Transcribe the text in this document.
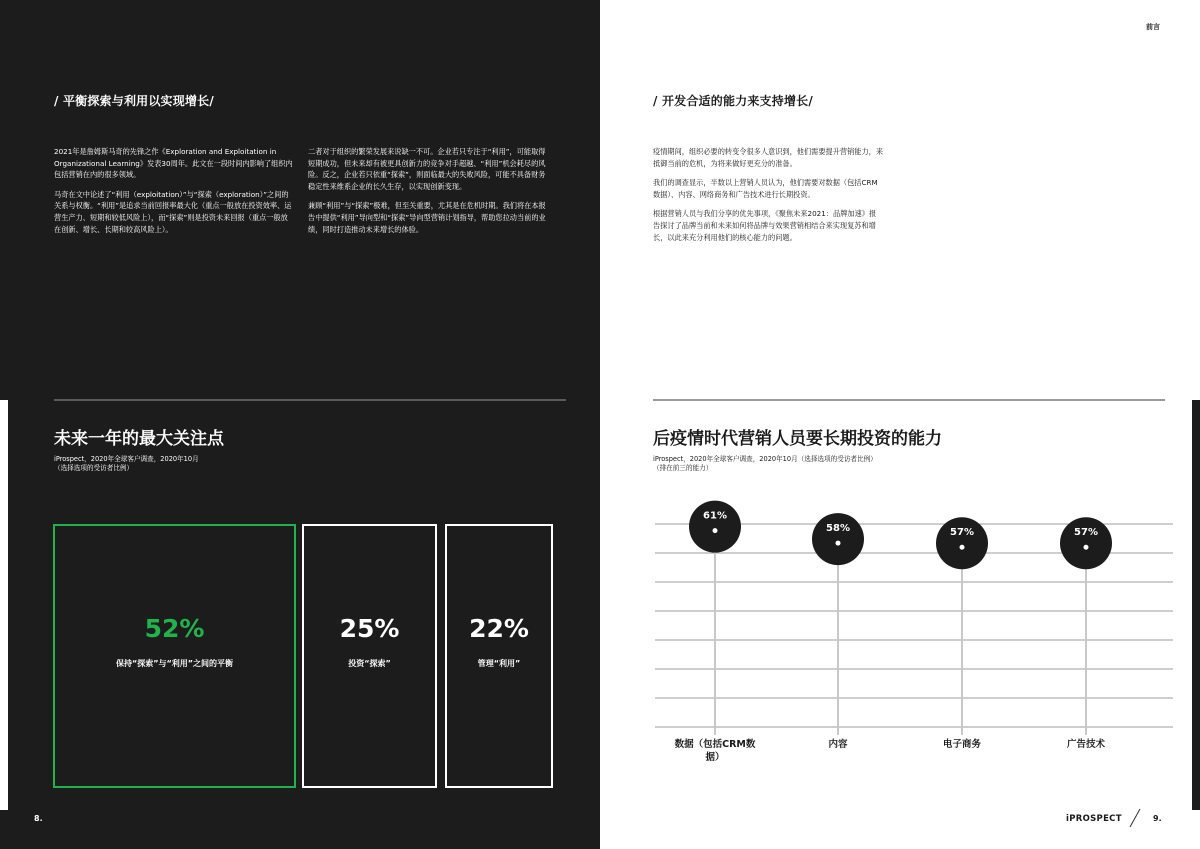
/ 平衡探索与利用以实现增长/

2021年是詹姆斯马奇的先锋之作《Exploration and Exploitation in Organizational Learning》发表30周年。此文在一段时间内影响了组织内包括营销在内的很多领域。

马奇在文中论述了“利用（exploitation）”与“探索（exploration）”之间的关系与权衡。“利用”是追求当前回报率最大化（重点一般放在投资效率、运营生产力、短期和较低风险上），而“探索”则是投资未来回报（重点一般放在创新、增长、长期和较高风险上）。

二者对于组织的繁荣发展来说缺一不可。企业若只专注于“利用”，可能取得短期成功，但未来却有被更具创新力的竞争对手超越、“利用”机会耗尽的风险。反之，企业若只依重“探索”，则面临最大的失败风险，可能不具备财务稳定性来维系企业的长久生存，以实现创新变现。

兼顾“利用”与“探索”极难，但至关重要，尤其是在危机时期。我们将在本报告中提供“利用”导向型和“探索”导向型营销计划指导，帮助您拉动当前的业绩，同时打造推动未来增长的体验。

未来一年的最大关注点
iProspect，2020年全球客户调查，2020年10月
（选择选项的受访者比例）
52%
保持“探索”与“利用”之间的平衡
25%
投资“探索”
22%
管理“利用”
8.
前言
/ 开发合适的能力来支持增长/

疫情期间，组织必要的转变令很多人意识到，他们需要提升营销能力，来抵御当前的危机，为将来做好更充分的准备。

我们的调查显示，半数以上营销人员认为，他们需要对数据（包括CRM数据）、内容、网络商务和广告技术进行长期投资。

根据营销人员与我们分享的优先事项，《聚焦未来2021：品牌加速》报告探讨了品牌当前和未来如何将品牌与效果营销相结合来实现复苏和增长，以此来充分利用他们的核心能力的问题。

后疫情时代营销人员要长期投资的能力
iProspect，2020年全球客户调查，2020年10月（选择选项的受访者比例）
（排在前三的能力）
61%
58%	57%	57%
数据（包括CRM数据）
内容	电子商务	广告技术
iPROSPECT	9.
